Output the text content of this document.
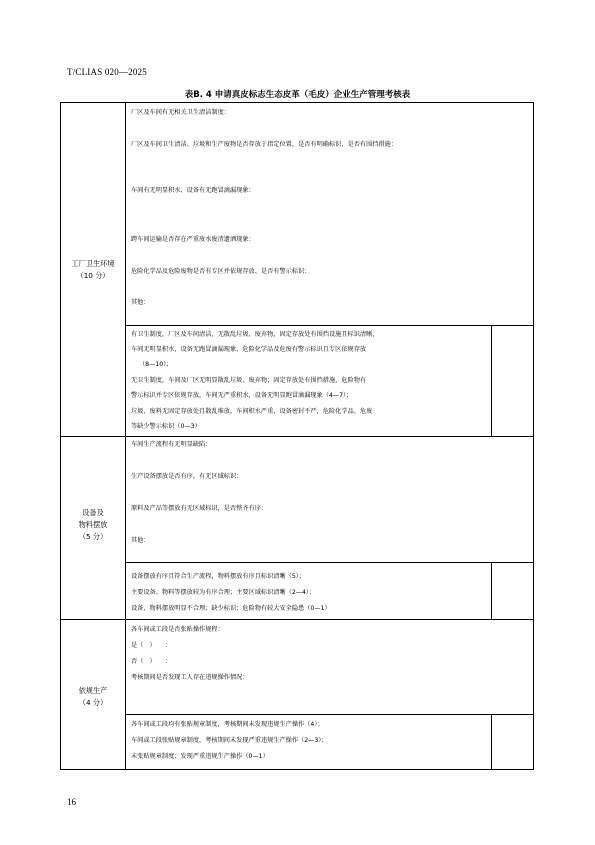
T/CLIAS 020—2025
表B. 4 申请真皮标志生态皮革（毛皮）企业生产管理考核表
工厂卫生环境
（10 分）
厂区及车间有无相关卫生清洁制度：
厂区及车间卫生清洁、垃圾和生产废物是否存放于指定位置，是否有明确标识，是否有围挡措施：
车间有无明显积水、设备有无跑冒滴漏现象：
跨车间运输是否存在严重废水废渣遗洒现象：
危险化学品及危险废物是否有专区并依规存放、是否有警示标识：
其他：
有卫生制度，厂区及车间清洁，无散乱垃圾、废弃物，固定存放处有围挡设施且标识清晰，
车间无明显积水，设备无跑冒滴漏现象，危险化学品及危废有警示标识且专区依规存放
（8—10）；
无卫生制度，车间及厂区无明显散乱垃圾、废弃物；固定存放处有围挡措施，危险物有
警示标识并专区依规存放，车间无严重积水，设备无明显跑冒滴漏现象（4—7）；
垃圾、废料无固定存放处且散乱堆放，车间积水严重，设备密封不严，危险化学品、危废
等缺少警示标识（0—3）
设备及
物料摆放
（5 分）
车间生产流程有无明显缺陷：
生产设备摆放是否有序，有无区域标识：
原料及产品等摆放有无区域标识，是否整齐有序：
其他：
设备摆放有序且符合生产流程，物料摆放有序且标识清晰（5）；
主要设备、物料等摆放较为有序合理；主要区域标识清晰（2—4）；
设备、物料摆放明显不合理；缺少标识；危险物有较大安全隐患（0—1）
依规生产
（4 分）
各车间或工段是否张贴操作规程：
是（　）　　：
否（　）　　：
考核期间是否发现工人存在违规操作情况：
各车间或工段均有张贴规章制度，考核期间未发现违规生产操作（4）；
车间或工段张贴规章制度，考核期间未发现严重违规生产操作（2—3）；
未张贴规章制度；发现严重违规生产操作（0—1）
16
